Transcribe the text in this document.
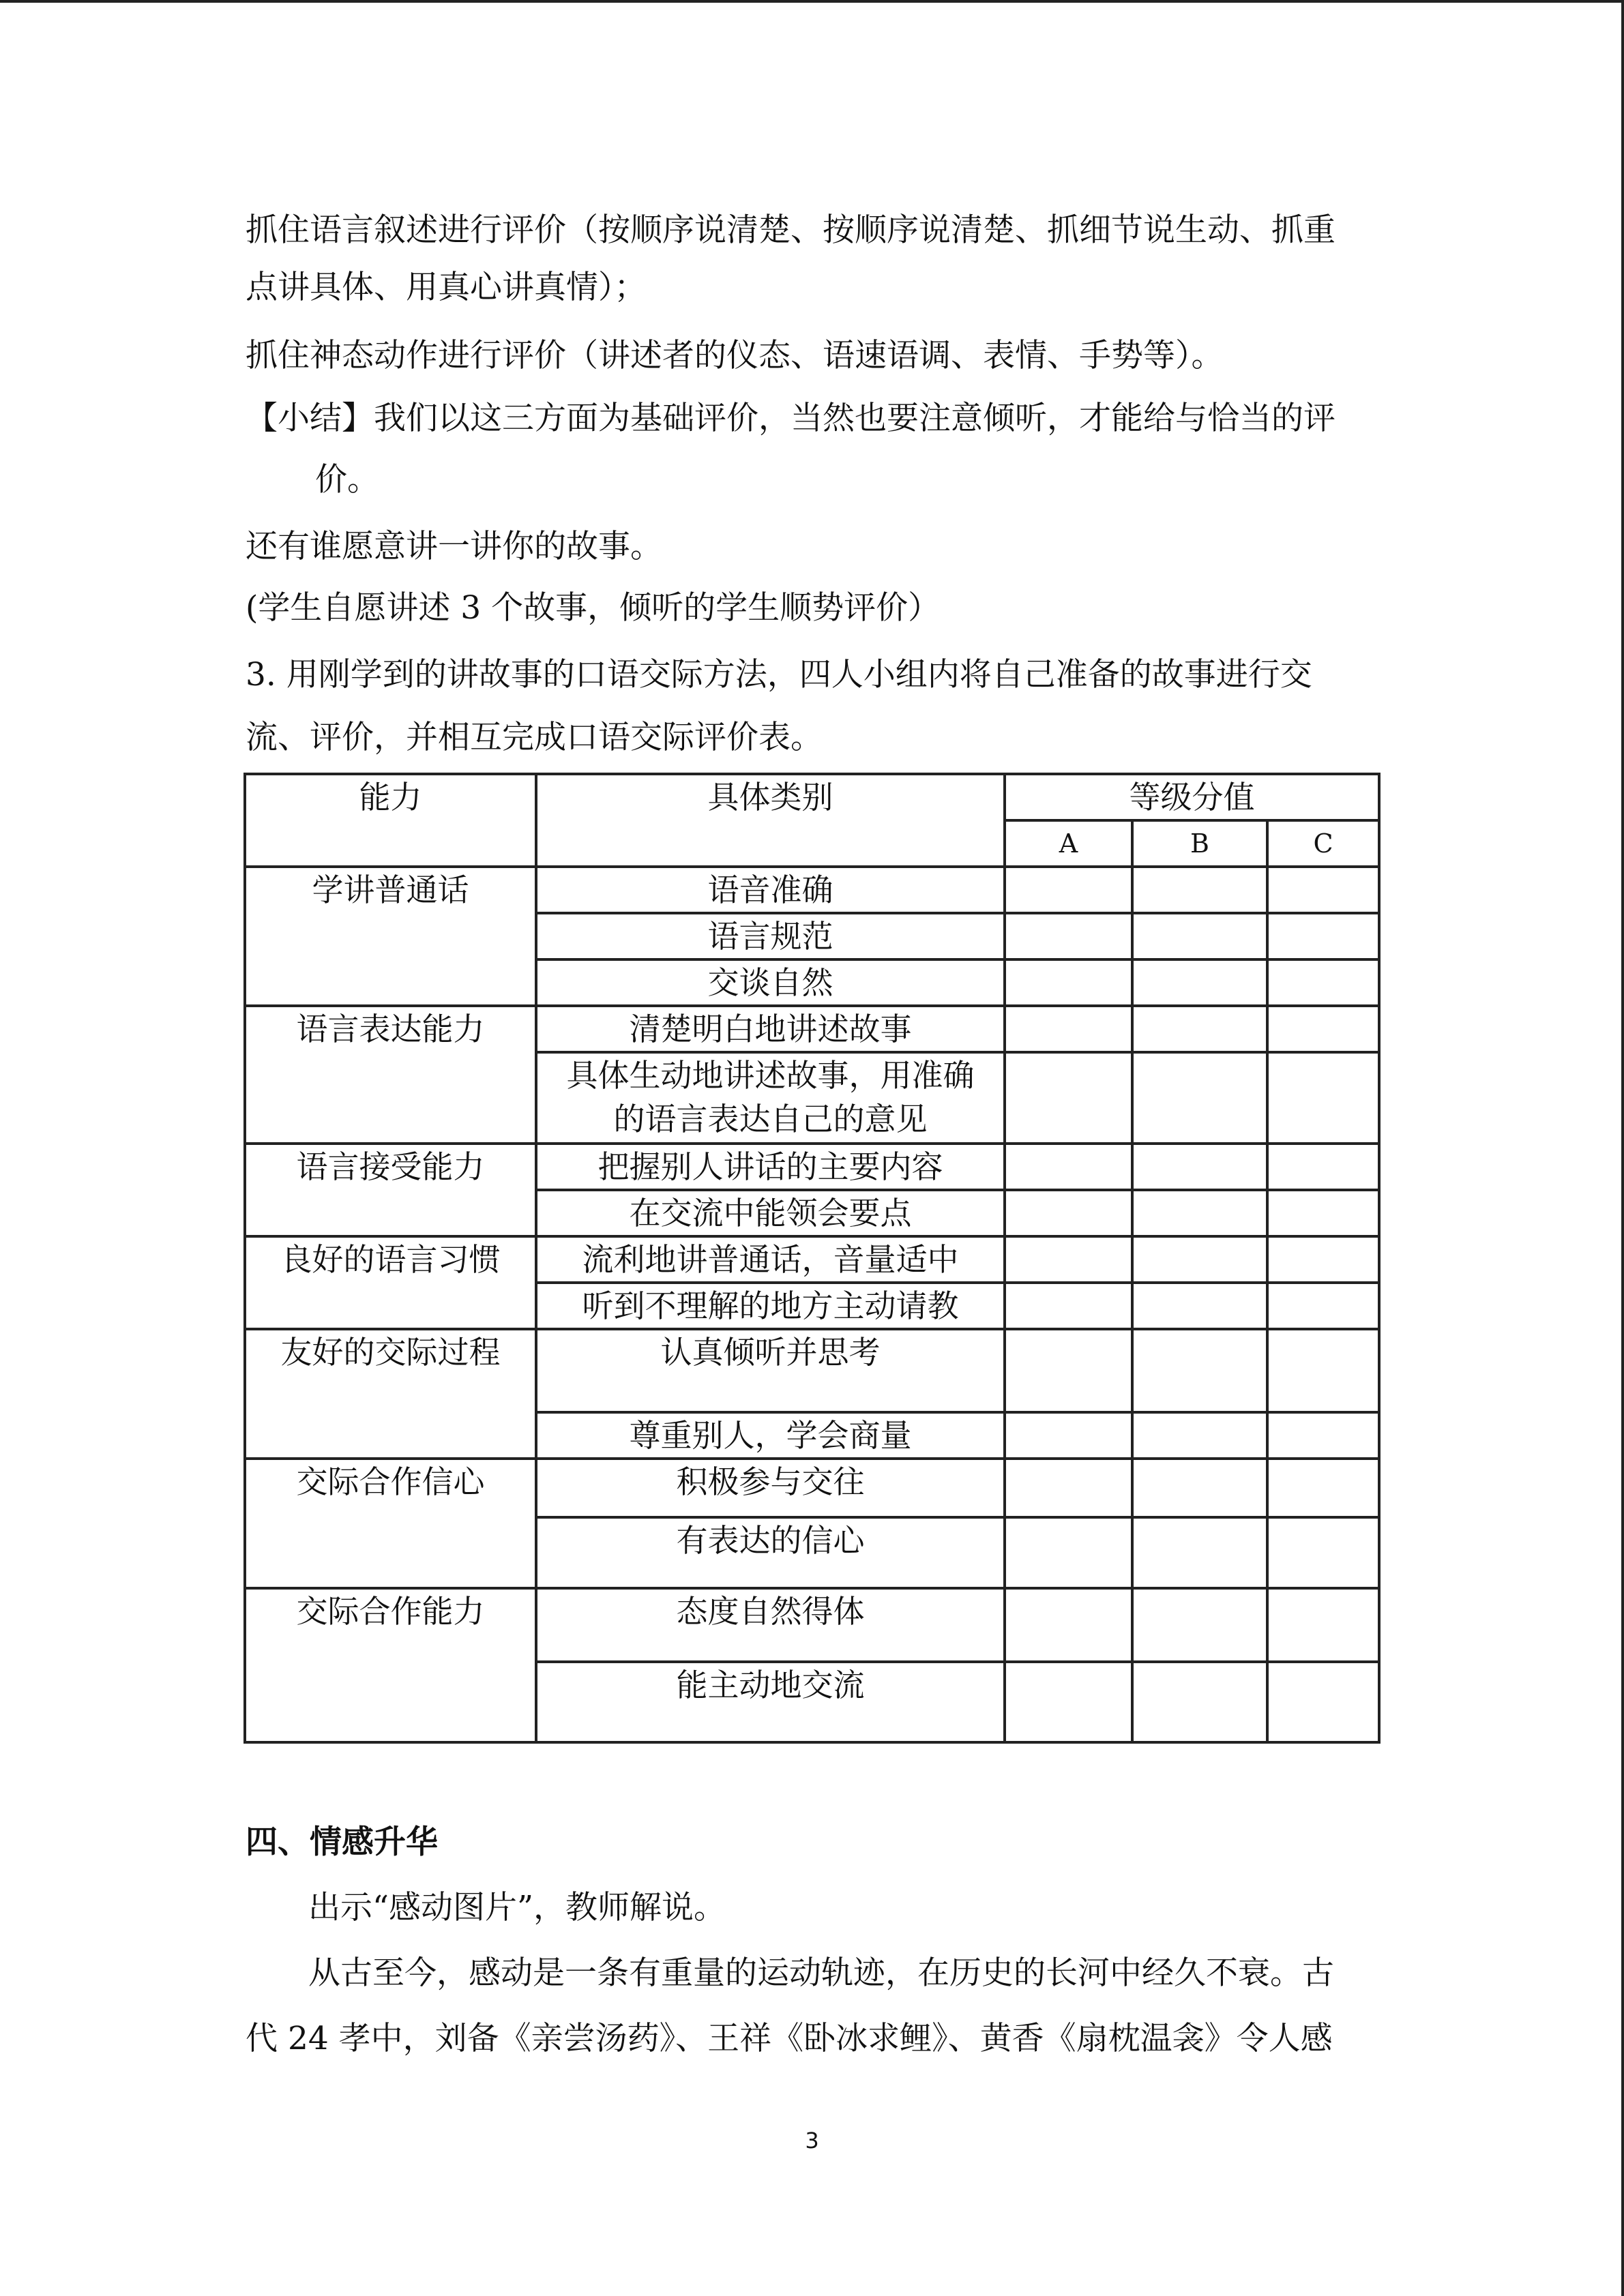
抓住语言叙述进行评价（按顺序说清楚、按顺序说清楚、抓细节说生动、抓重
点讲具体、用真心讲真情）；
抓住神态动作进行评价（讲述者的仪态、语速语调、表情、手势等）。
【小结】我们以这三方面为基础评价，当然也要注意倾听，才能给与恰当的评
价。
还有谁愿意讲一讲你的故事。
(学生自愿讲述 3 个故事，倾听的学生顺势评价）
3. 用刚学到的讲故事的口语交际方法，四人小组内将自己准备的故事进行交
流、评价，并相互完成口语交际评价表。
能力	具体类别	等级分值		
		A	B	C
学讲普通话	语音准确			
	语言规范			
	交谈自然			
语言表达能力	清楚明白地讲述故事			

	具体生动地讲述故事，用准确
的语言表达自己的意见			

语言接受能力	把握别人讲话的主要内容			
	在交流中能领会要点			
良好的语言习惯	流利地讲普通话，音量适中			
	听到不理解的地方主动请教			
友好的交际过程	认真倾听并思考			
	尊重别人，学会商量			
交际合作信心	积极参与交往			
	有表达的信心			
交际合作能力	态度自然得体			
	能主动地交流			
四、情感升华
出示“感动图片”，教师解说。
从古至今，感动是一条有重量的运动轨迹，在历史的长河中经久不衰。古
代 24 孝中，刘备《亲尝汤药》、王祥《卧冰求鲤》、黄香《扇枕温衾》令人感
3
